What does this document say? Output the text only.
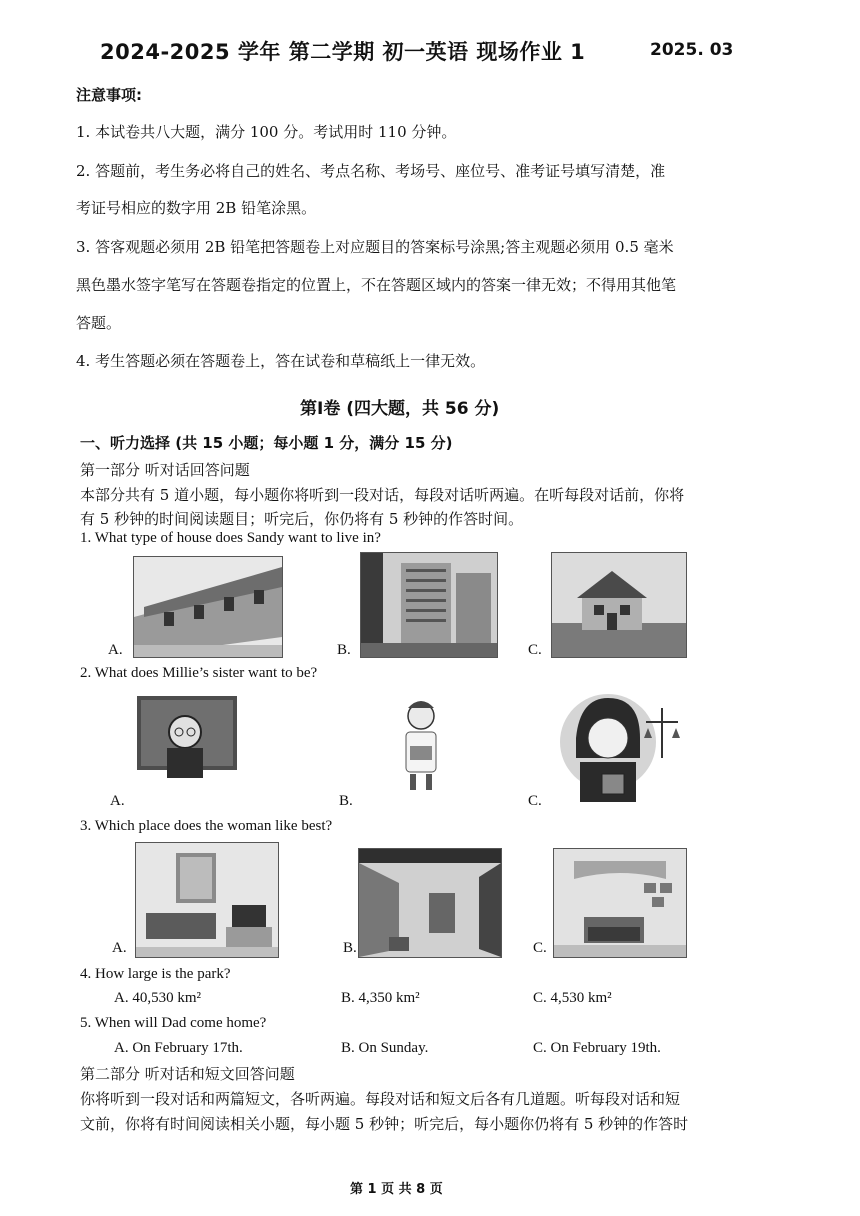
2024-2025 学年 第二学期 初一英语 现场作业 1	2025. 03
注意事项:
1. 本试卷共八大题，满分 100 分。考试用时 110 分钟。
2. 答题前，考生务必将自己的姓名、考点名称、考场号、座位号、准考证号填写清楚，准
考证号相应的数字用 2B 铅笔涂黑。
3. 答客观题必须用 2B 铅笔把答题卷上对应题目的答案标号涂黑;答主观题必须用 0.5 毫米
黑色墨水签字笔写在答题卷指定的位置上，不在答题区域内的答案一律无效；不得用其他笔
答题。
4. 考生答题必须在答题卷上，答在试卷和草稿纸上一律无效。
第Ⅰ卷 (四大题，共 56 分)
一、听力选择 (共 15 小题；每小题 1 分，满分 15 分)
第一部分 听对话回答问题
本部分共有 5 道小题，每小题你将听到一段对话，每段对话听两遍。在听每段对话前，你将
有 5 秒钟的时间阅读题目；听完后，你仍将有 5 秒钟的作答时间。
1. What type of house does Sandy want to live in?
A.	B.	C.
2. What does Millie’s sister want to be?
A.	B.	C.
3. Which place does the woman like best?
A.	B.	C.
4. How large is the park?
A. 40,530 km²	B. 4,350 km²	C. 4,530 km²
5. When will Dad come home?
A. On February 17th.	B. On Sunday.	C. On February 19th.
第二部分 听对话和短文回答问题
你将听到一段对话和两篇短文，各听两遍。每段对话和短文后各有几道题。听每段对话和短
文前，你将有时间阅读相关小题，每小题 5 秒钟；听完后，每小题你仍将有 5 秒钟的作答时
第 1 页 共 8 页
